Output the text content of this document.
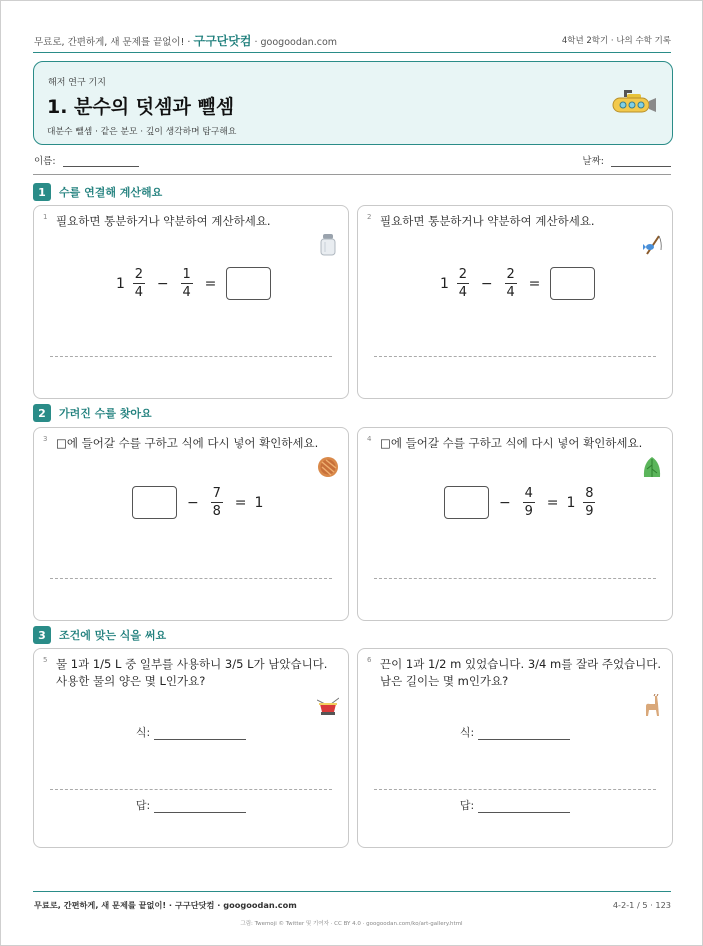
무료로, 간편하게, 새 문제를 끝없이! · 구구단닷컴 · googoodan.com	4학년 2학기 · 나의 수학 기록
해저 연구 기지
1. 분수의 덧셈과 뺄셈
대분수 뺄셈 · 같은 분모 · 깊이 생각하며 탐구해요
이름:	날짜:
1	수를 연결해 계산해요
1 필요하면 통분하거나 약분하여 계산하세요.
$1 \frac{2}{4} - \frac{1}{4}$ =
2 필요하면 통분하거나 약분하여 계산하세요.
$1 \frac{2}{4} - \frac{2}{4}$ =
2	가려진 수를 찾아요
3 □에 들어갈 수를 구하고 식에 다시 넣어 확인하세요.
− $\frac{7}{8} = 1$
4 □에 들어갈 수를 구하고 식에 다시 넣어 확인하세요.
− $\frac{4}{9} = 1 \frac{8}{9}$
3	조건에 맞는 식을 써요
5 물 1과 1/5 L 중 일부를 사용하니 3/5 L가 남았습니다. 사용한 물의 양은 몇 L인가요?
식:
답:
6 끈이 1과 1/2 m 있었습니다. 3/4 m를 잘라 주었습니다. 남은 길이는 몇 m인가요?
식:
답:
무료로, 간편하게, 새 문제를 끝없이! · 구구단닷컴 · googoodan.com	4-2-1 / 5 · 123
그림: Twemoji © Twitter 및 기여자 · CC BY 4.0 · googoodan.com/ko/art-gallery.html
